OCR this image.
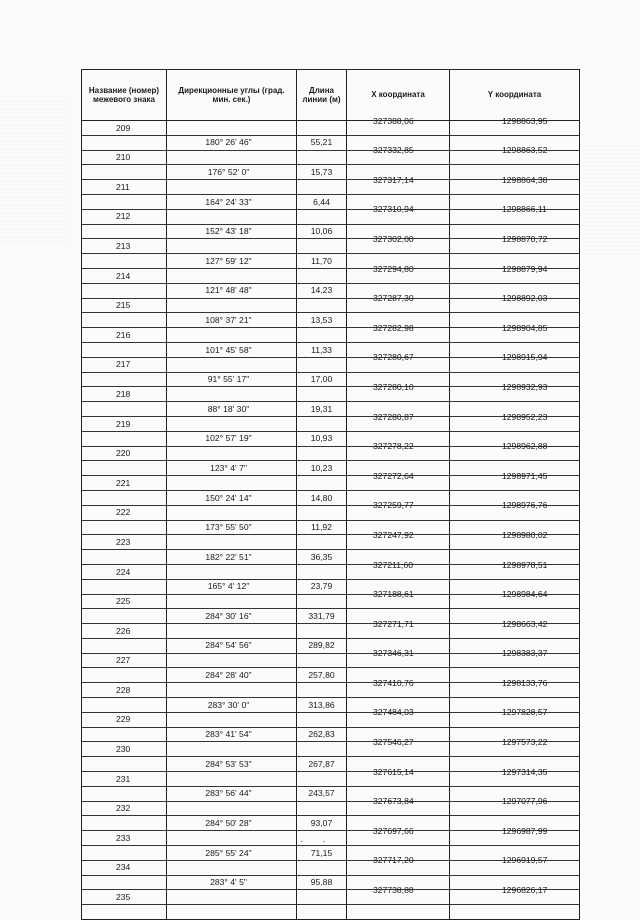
Название (номер) межевого знака	Дирекционные углы (град. мин. сек.)	Длина линии (м)	X координата	Y координата
209			327388,06	1298863,95
	180° 26' 46"	55,21		
210			327332,85	1298863,52
	176° 52' 0"	15,73		
211			327317,14	1298864,38
	164° 24' 33"	6,44		
212			327310,94	1298866,11
	152° 43' 18"	10,06		
213			327302,00	1298870,72
	127° 59' 12"	11,70		
214			327294,80	1298879,94
	121° 48' 48"	14,23		
215			327287,30	1298892,03
	108° 37' 21"	13,53		
216			327282,98	1298904,85
	101° 45' 58"	11,33		
217			327280,67	1298915,94
	91° 55' 17"	17,00		
218			327280,10	1298932,93
	88° 18' 30"	19,31		
219			327280,87	1298952,23
	102° 57' 19"	10,93		
220			327278,22	1298962,88
	123° 4' 7"	10,23		
221			327272,64	1298971,45
	150° 24' 14"	14,80		
222			327259,77	1298976,76
	173° 55' 50"	11,92		
223			327247,92	1298980,02
	182° 22' 51"	36,35		
224			327211,60	1298978,51
	165° 4' 12"	23,79		
225			327188,61	1298984,64
	284° 30' 16"	331,79		
226			327271,71	1298663,42
	284° 54' 56"	289,82		
227			327346,31	1298383,37
	284° 28' 40"	257,80		
228			327410,76	1298133,76
	283° 30' 0"	313,86		
229			327484,03	1297828,57
	283° 41' 54"	262,83		
230			327546,27	1297573,22
	284° 53' 53"	267,87		
231			327615,14	1297314,35
	283° 56' 44"	243,57		
232			327673,84	1297077,96
	284° 50' 28"	93,07		
233			327697,66	1296987,99
	285° 55' 24"	71,15		
234			327717,20	1296919,57
	283° 4' 5"	95,88		
235			327738,88	1296826,17

· ·
